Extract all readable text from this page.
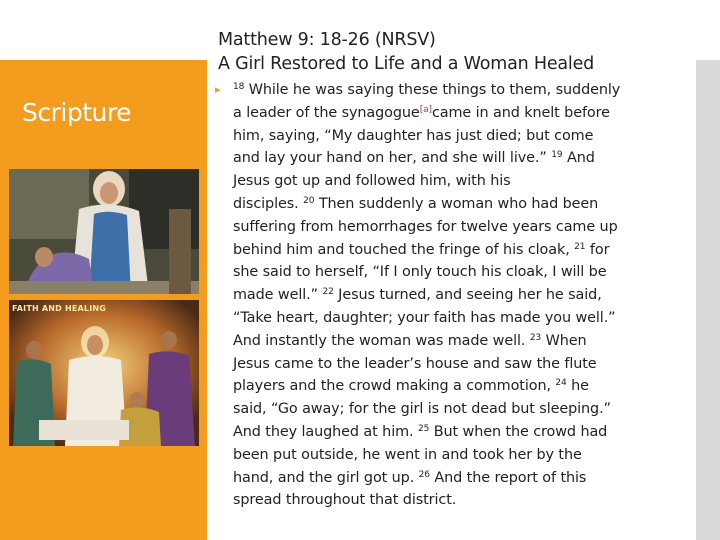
Scripture
FAITH AND HEALING
Matthew 9: 18-26 (NRSV)
A Girl Restored to Life and a Woman Healed
▸ $^{18}$ While he was saying these things to them, suddenly
a leader of the synagogue[a]came in and knelt before
him, saying, “My daughter has just died; but come
and lay your hand on her, and she will live.” $^{19}$ And
Jesus got up and followed him, with his
disciples. $^{20}$ Then suddenly a woman who had been
suffering from hemorrhages for twelve years came up
behind him and touched the fringe of his cloak, $^{21}$ for
she said to herself, “If I only touch his cloak, I will be
made well.” $^{22}$ Jesus turned, and seeing her he said,
“Take heart, daughter; your faith has made you well.”
And instantly the woman was made well. $^{23}$ When
Jesus came to the leader’s house and saw the flute
players and the crowd making a commotion, $^{24}$ he
said, “Go away; for the girl is not dead but sleeping.”
And they laughed at him. $^{25}$ But when the crowd had
been put outside, he went in and took her by the
hand, and the girl got up. $^{26}$ And the report of this
spread throughout that district.
